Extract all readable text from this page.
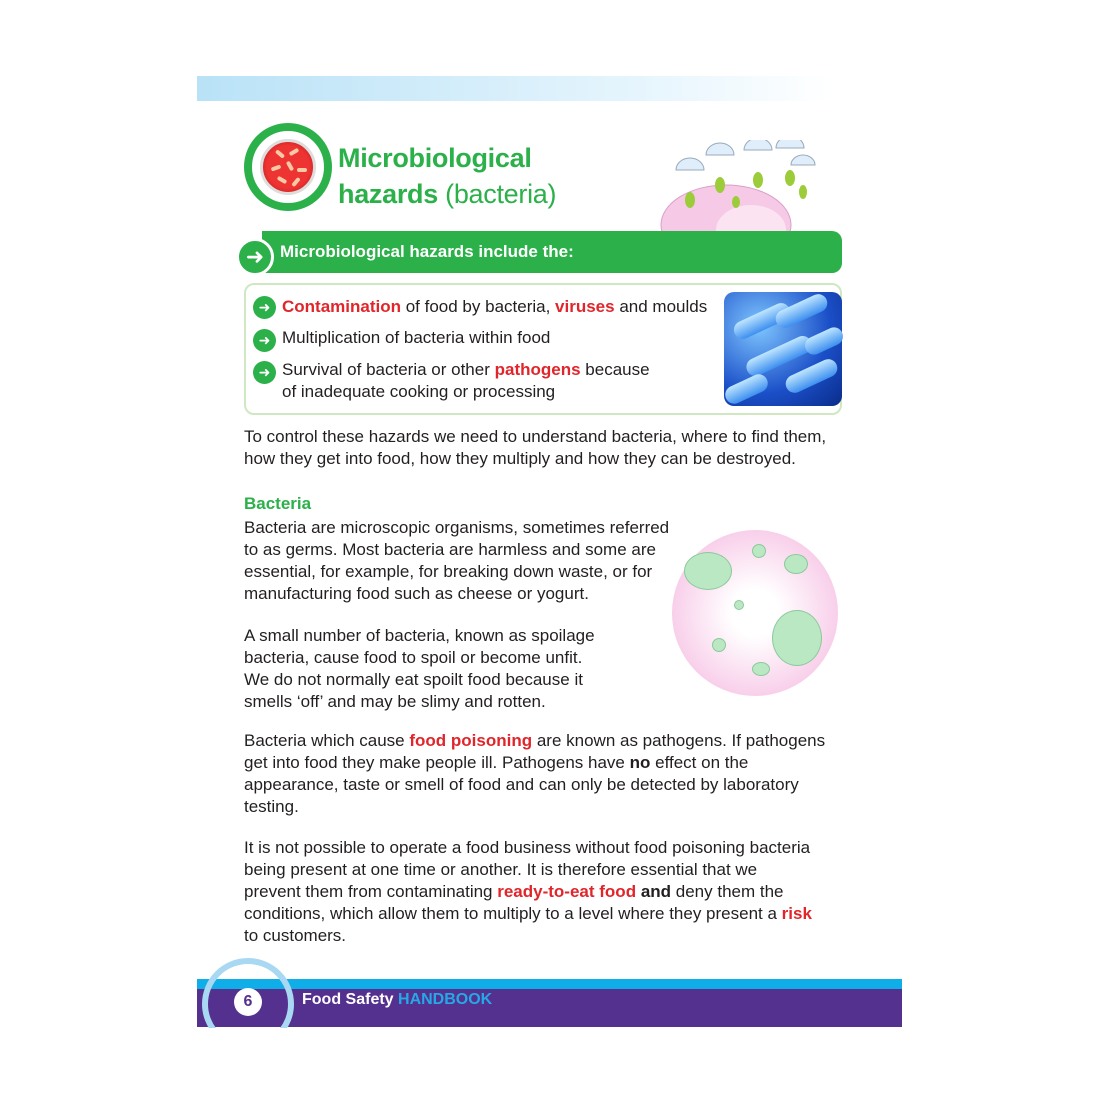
Microbiological
hazards (bacteria)
Microbiological hazards include the:
➜
➜ Contamination of food by bacteria, viruses and moulds
➜ Multiplication of bacteria within food
➜ Survival of bacteria or other pathogens because
of inadequate cooking or processing
To control these hazards we need to understand bacteria, where to find them,
how they get into food, how they multiply and how they can be destroyed.
Bacteria
Bacteria are microscopic organisms, sometimes referred
to as germs. Most bacteria are harmless and some are
essential, for example, for breaking down waste, or for
manufacturing food such as cheese or yogurt.
A small number of bacteria, known as spoilage
bacteria, cause food to spoil or become unfit.
We do not normally eat spoilt food because it
smells ‘off’ and may be slimy and rotten.
Bacteria which cause food poisoning are known as pathogens. If pathogens
get into food they make people ill. Pathogens have no effect on the
appearance, taste or smell of food and can only be detected by laboratory
testing.
It is not possible to operate a food business without food poisoning bacteria
being present at one time or another. It is therefore essential that we
prevent them from contaminating ready-to-eat food and deny them the
conditions, which allow them to multiply to a level where they present a risk
to customers.
6	Food Safety HANDBOOK
